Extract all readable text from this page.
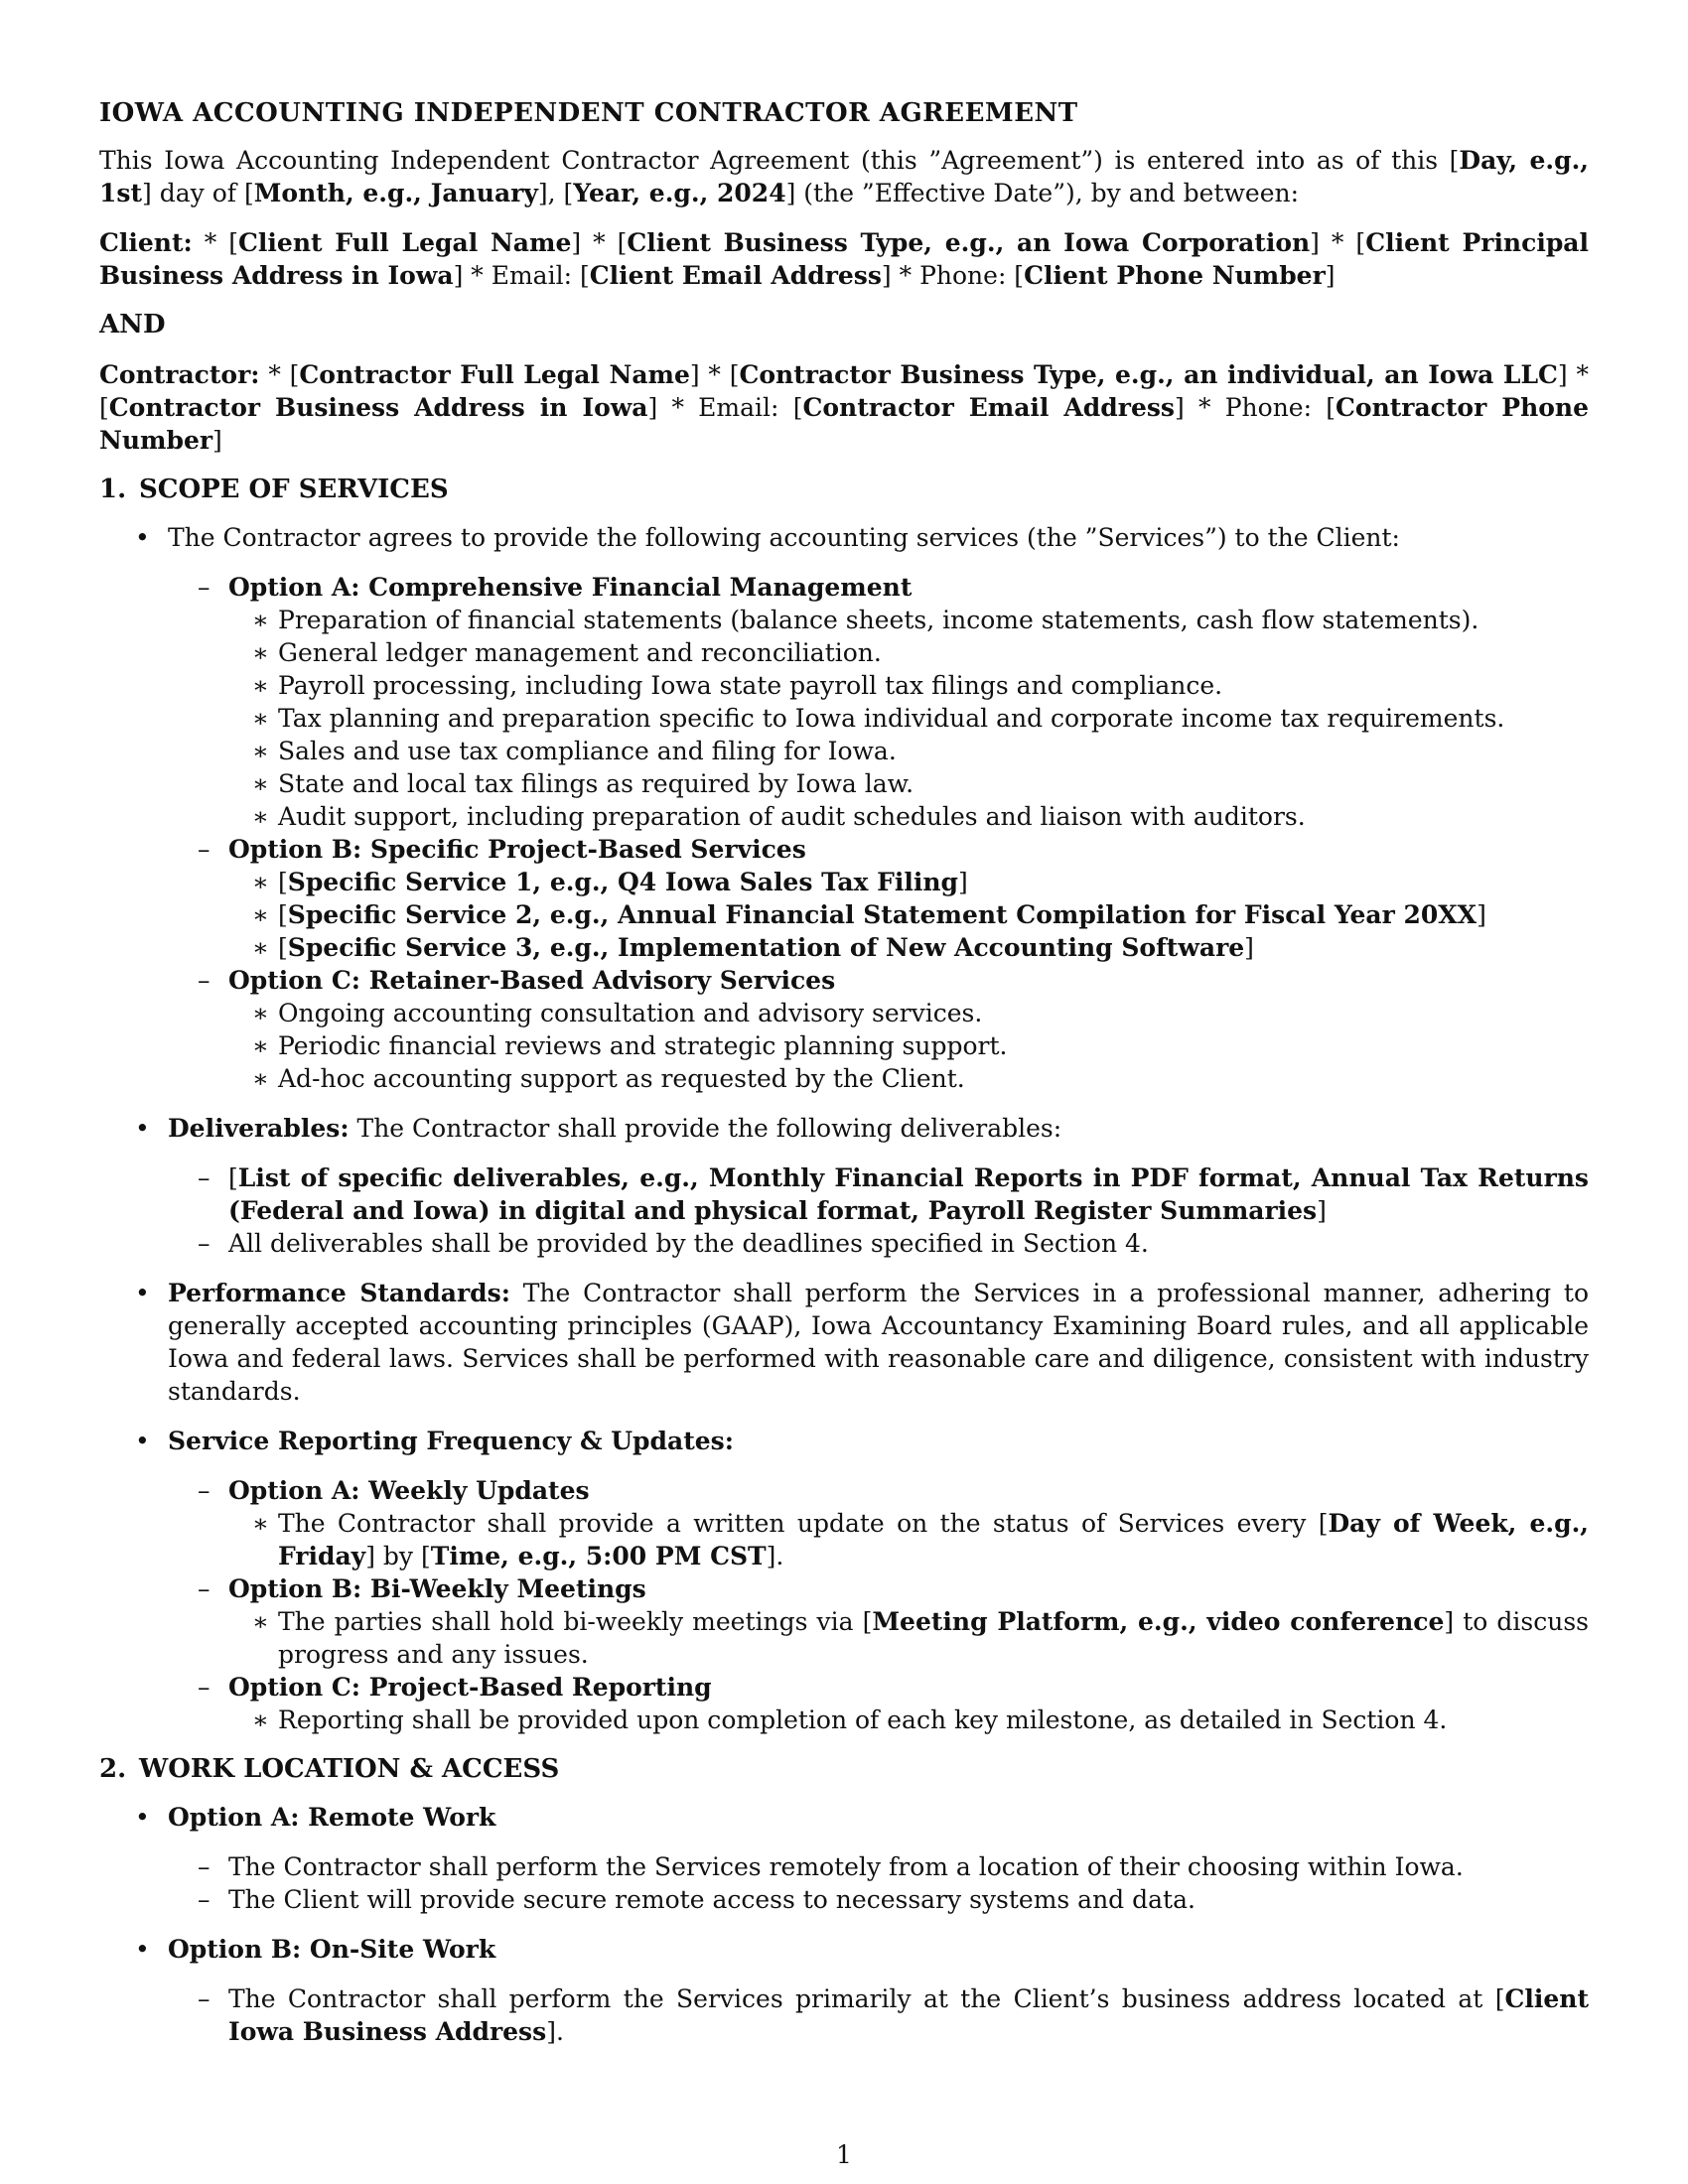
IOWA ACCOUNTING INDEPENDENT CONTRACTOR AGREEMENT

This Iowa Accounting Independent Contractor Agreement (this ”Agreement”) is entered into as of this [Day, e.g., 1st] day of [Month, e.g., January], [Year, e.g., 2024] (the ”Effective Date”), by and between:

Client: * [Client Full Legal Name] * [Client Business Type, e.g., an Iowa Corporation] * [Client Principal Business Address in Iowa] * Email: [Client Email Address] * Phone: [Client Phone Number]

AND

Contractor: * [Contractor Full Legal Name] * [Contractor Business Type, e.g., an individual, an Iowa LLC] * [Contractor Business Address in Iowa] * Email: [Contractor Email Address] * Phone: [Contractor Phone Number]

1. SCOPE OF SERVICES

• The Contractor agrees to provide the following accounting services (the ”Services”) to the Client:
– Option A: Comprehensive Financial Management
∗ Preparation of financial statements (balance sheets, income statements, cash flow statements).
∗ General ledger management and reconciliation.
∗ Payroll processing, including Iowa state payroll tax filings and compliance.
∗ Tax planning and preparation specific to Iowa individual and corporate income tax requirements.
∗ Sales and use tax compliance and filing for Iowa.
∗ State and local tax filings as required by Iowa law.
∗ Audit support, including preparation of audit schedules and liaison with auditors.
– Option B: Specific Project-Based Services
∗ [Specific Service 1, e.g., Q4 Iowa Sales Tax Filing]
∗ [Specific Service 2, e.g., Annual Financial Statement Compilation for Fiscal Year 20XX]
∗ [Specific Service 3, e.g., Implementation of New Accounting Software]
– Option C: Retainer-Based Advisory Services
∗ Ongoing accounting consultation and advisory services.
∗ Periodic financial reviews and strategic planning support.
∗ Ad-hoc accounting support as requested by the Client.
• Deliverables: The Contractor shall provide the following deliverables:
– [List of specific deliverables, e.g., Monthly Financial Reports in PDF format, Annual Tax Returns (Federal and Iowa) in digital and physical format, Payroll Register Summaries]
– All deliverables shall be provided by the deadlines specified in Section 4.
• Performance Standards: The Contractor shall perform the Services in a professional manner, adhering to generally accepted accounting principles (GAAP), Iowa Accountancy Examining Board rules, and all applicable Iowa and federal laws. Services shall be performed with reasonable care and diligence, consistent with industry standards.
• Service Reporting Frequency & Updates:
– Option A: Weekly Updates
∗ The Contractor shall provide a written update on the status of Services every [Day of Week, e.g., Friday] by [Time, e.g., 5:00 PM CST].
– Option B: Bi-Weekly Meetings
∗ The parties shall hold bi-weekly meetings via [Meeting Platform, e.g., video conference] to discuss progress and any issues.
– Option C: Project-Based Reporting
∗ Reporting shall be provided upon completion of each key milestone, as detailed in Section 4.

2. WORK LOCATION & ACCESS

• Option A: Remote Work
– The Contractor shall perform the Services remotely from a location of their choosing within Iowa.
– The Client will provide secure remote access to necessary systems and data.
• Option B: On-Site Work
– The Contractor shall perform the Services primarily at the Client’s business address located at [Client Iowa Business Address].
1
